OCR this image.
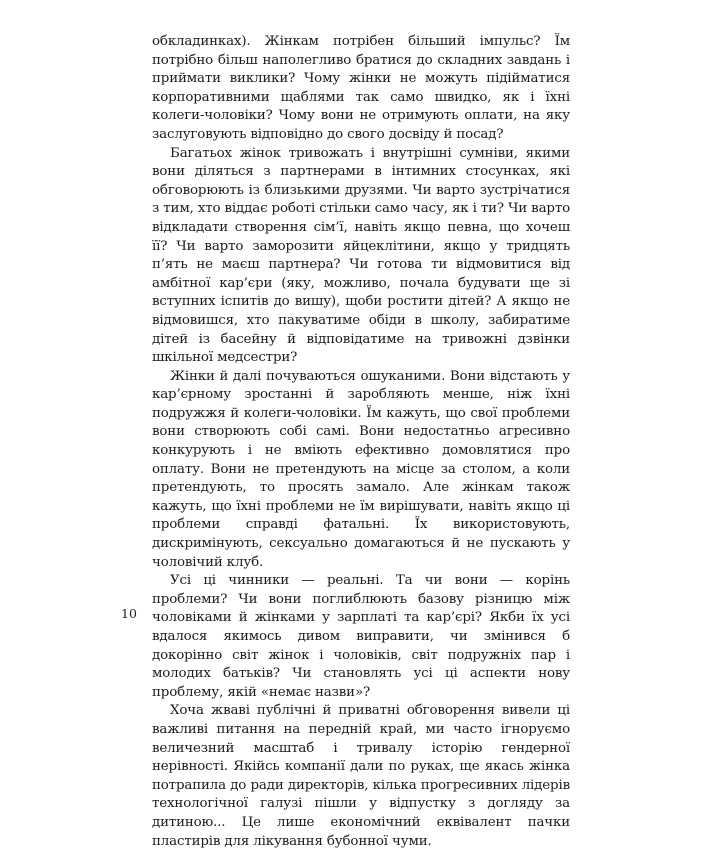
обкладинках). Жінкам потрібен більший імпульс? Їм потрібно більш наполегливо братися до складних завдань і приймати виклики? Чому жінки не можуть підійматися корпоративними щаблями так само швидко, як і їхні колеги-чоловіки? Чому вони не отримують оплати, на яку заслуговують відповідно до свого досвіду й посад?

Багатьох жінок тривожать і внутрішні сумніви, якими вони діляться з партнерами в інтимних стосунках, які обговорюють із близькими друзями. Чи варто зустрічатися з тим, хто віддає роботі стільки само часу, як і ти? Чи варто відкладати створення сім’ї, навіть якщо певна, що хочеш її? Чи варто заморозити яйцеклітини, якщо у тридцять п’ять не маєш партнера? Чи готова ти відмовитися від амбітної кар’єри (яку, можливо, почала будувати ще зі вступних іспитів до вишу), щоби ростити дітей? А якщо не відмовишся, хто пакуватиме обіди в школу, забиратиме дітей із басейну й відповідатиме на тривожні дзвінки шкільної медсестри?

Жінки й далі почуваються ошуканими. Вони відстають у кар’єрному зростанні й заробляють менше, ніж їхні подружжя й колеги-чоловіки. Їм кажуть, що свої проблеми вони створюють собі самі. Вони недостатньо агресивно конкурують і не вміють ефективно домовлятися про оплату. Вони не претендують на місце за столом, а коли претендують, то просять замало. Але жінкам також кажуть, що їхні проблеми не їм вирішувати, навіть якщо ці проблеми справді фатальні. Їх використовують, дискримінують, сексуально домагаються й не пускають у чоловічий клуб.

Усі ці чинники — реальні. Та чи вони — корінь проблеми? Чи вони поглиблюють базову різницю між чоловіками й жінками у зарплаті та кар’єрі? Якби їх усі вдалося якимось дивом виправити, чи змінився б докорінно світ жінок і чоловіків, світ подружніх пар і молодих батьків? Чи становлять усі ці аспекти нову проблему, якій «немає назви»?

Хоча жваві публічні й приватні обговорення вивели ці важливі питання на передній край, ми часто ігноруємо величезний масштаб і тривалу історію гендерної нерівності. Якійсь компанії дали по руках, ще якась жінка потрапила до ради директорів, кілька прогресивних лідерів технологічної галузі пішли у відпустку з догляду за дитиною... Це лише економічний еквівалент пачки пластирів для лікування бубонної чуми.

10
